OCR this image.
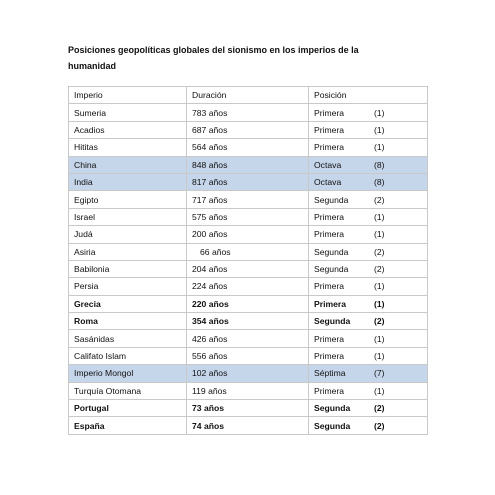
Posiciones geopolíticas globales del sionismo en los imperios de la humanidad
Imperio	Duración	Posición
Sumeria	783 años	Primera (1)

Acadios	687 años	Primera (1)

Hititas	564 años	Primera (1)

China	848 años	Octava (8)

India	817 años	Octava (8)

Egipto	717 años	Segunda (2)

Israel	575 años	Primera (1)

Judá	200 años	Primera (1)

Asiria	66 años	Segunda (2)

Babilonia	204 años	Segunda (2)

Persia	224 años	Primera (1)

Grecia	220 años	Primera (1)

Roma	354 años	Segunda (2)

Sasánidas	426 años	Primera (1)

Califato Islam	556 años	Primera (1)

Imperio Mongol	102 años	Séptima (7)

Turquía Otomana	119 años	Primera (1)

Portugal	73 años	Segunda (2)

España	74 años	Segunda (2)
